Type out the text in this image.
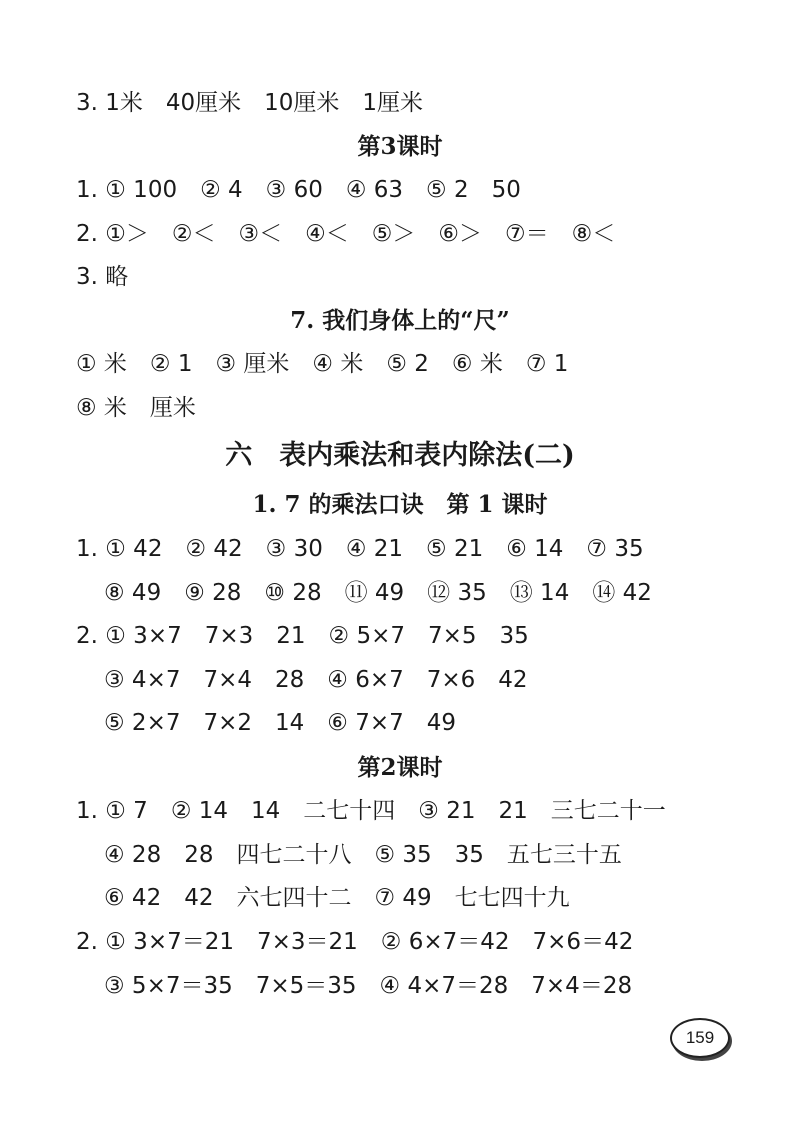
3. 1米　40厘米　10厘米　1厘米
第3课时
1. ① 100　② 4　③ 60　④ 63　⑤ 2　50
2. ①＞　②＜　③＜　④＜　⑤＞　⑥＞　⑦＝　⑧＜
3. 略
7. 我们身体上的“尺”
① 米　② 1　③ 厘米　④ 米　⑤ 2　⑥ 米　⑦ 1
⑧ 米　厘米
六　表内乘法和表内除法(二)
1. 7 的乘法口诀　第 1 课时
1. ① 42　② 42　③ 30　④ 21　⑤ 21　⑥ 14　⑦ 35
⑧ 49　⑨ 28　⑩ 28　⑪ 49　⑫ 35　⑬ 14　⑭ 42
2. ① 3×7　7×3　21　② 5×7　7×5　35
③ 4×7　7×4　28　④ 6×7　7×6　42
⑤ 2×7　7×2　14　⑥ 7×7　49
第2课时
1. ① 7　② 14　14　二七十四　③ 21　21　三七二十一
④ 28　28　四七二十八　⑤ 35　35　五七三十五
⑥ 42　42　六七四十二　⑦ 49　七七四十九
2. ① 3×7＝21　7×3＝21　② 6×7＝42　7×6＝42
③ 5×7＝35　7×5＝35　④ 4×7＝28　7×4＝28
159
